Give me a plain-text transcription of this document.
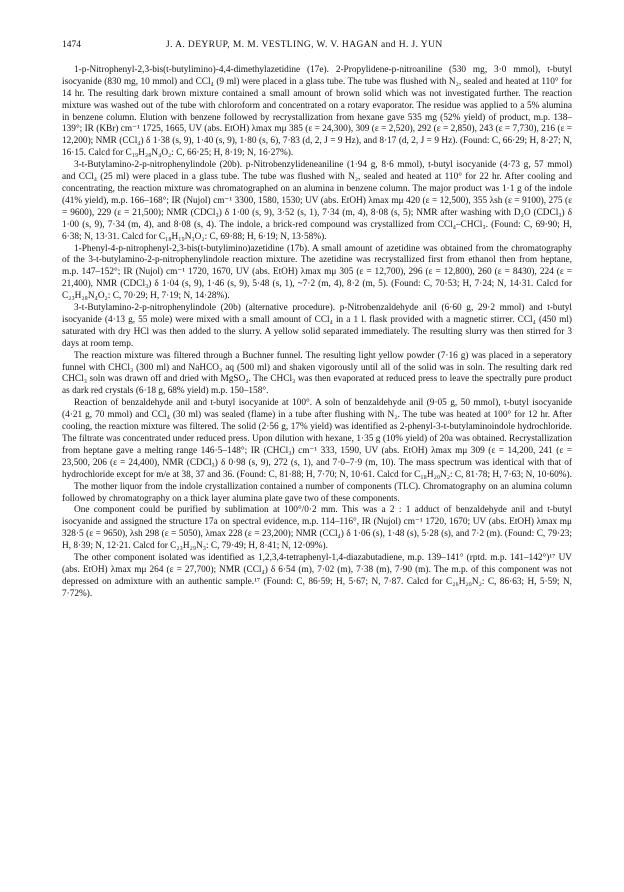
1474	J. A. DEYRUP, M. M. VESTLING, W. V. HAGAN and H. J. YUN

1-p-Nitrophenyl-2,3-bis(t-butylimino)-4,4-dimethylazetidine (17e). 2-Propylidene-p-nitroaniline (530 mg, 3·0 mmol), t-butyl isocyanide (830 mg, 10 mmol) and CCl₄ (9 ml) were placed in a glass tube. The tube was flushed with N₂, sealed and heated at 110° for 14 hr. The resulting dark brown mixture contained a small amount of brown solid which was not investigated further. The reaction mixture was washed out of the tube with chloroform and concentrated on a rotary evaporator. The residue was applied to a 5% alumina in benzene column. Elution with benzene followed by recrystallization from hexane gave 535 mg (52% yield) of product, m.p. 138–139°; IR (KBr) cm⁻¹ 1725, 1665, UV (abs. EtOH) λmax mμ 385 (ε = 24,300), 309 (ε = 2,520), 292 (ε = 2,850), 243 (ε = 7,730), 216 (ε = 12,200); NMR (CCl₄) δ 1·38 (s, 9), 1·40 (s, 9), 1·80 (s, 6), 7·83 (d, 2, J = 9 Hz), and 8·17 (d, 2, J = 9 Hz). (Found: C, 66·29; H, 8·27; N, 16·15. Calcd for C₁₉H₂₈N₄O₂: C, 66·25; H, 8·19; N, 16·27%).

3-t-Butylamino-2-p-nitrophenylindole (20b). p-Nitrobenzylideneaniline (1·94 g, 8·6 mmol), t-butyl isocyanide (4·73 g, 57 mmol) and CCl₄ (25 ml) were placed in a glass tube. The tube was flushed with N₂, sealed and heated at 110° for 22 hr. After cooling and concentrating, the reaction mixture was chromatographed on an alumina in benzene column. The major product was 1·1 g of the indole (41% yield), m.p. 166–168°; IR (Nujol) cm⁻¹ 3300, 1580, 1530; UV (abs. EtOH) λmax mμ 420 (ε = 12,500), 355 λsh (ε = 9100), 275 (ε = 9600), 229 (ε = 21,500); NMR (CDCl₃) δ 1·00 (s, 9), 3·52 (s, 1), 7·34 (m, 4), 8·08 (s, 5); NMR after washing with D₂O (CDCl₃) δ 1·00 (s, 9), 7·34 (m, 4), and 8·08 (s, 4). The indole, a brick-red compound was crystallized from CCl₄–CHCl₃. (Found: C, 69·90; H, 6·38; N, 13·31. Calcd for C₁₈H₁₉N₃O₂: C, 69·88; H, 6·19; N, 13·58%).

1-Phenyl-4-p-nitrophenyl-2,3-bis(t-butylimino)azetidine (17b). A small amount of azetidine was obtained from the chromatography of the 3-t-butylamino-2-p-nitrophenylindole reaction mixture. The azetidine was recrystallized first from ethanol then from heptane, m.p. 147–152°; IR (Nujol) cm⁻¹ 1720, 1670, UV (abs. EtOH) λmax mμ 305 (ε = 12,700), 296 (ε = 12,800), 260 (ε = 8430), 224 (ε = 21,400), NMR (CDCl₃) δ 1·04 (s, 9), 1·46 (s, 9), 5·48 (s, 1), ~7·2 (m, 4), 8·2 (m, 5). (Found: C, 70·53; H, 7·24; N, 14·31. Calcd for C₂₃H₂₈N₄O₂: C, 70·29; H, 7·19; N, 14·28%).

3-t-Butylamino-2-p-nitrophenylindole (20b) (alternative procedure). p-Nitrobenzaldehyde anil (6·60 g, 29·2 mmol) and t-butyl isocyanide (4·13 g, 55 mole) were mixed with a small amount of CCl₄ in a 1 l. flask provided with a magnetic stirrer. CCl₄ (450 ml) saturated with dry HCl was then added to the slurry. A yellow solid separated immediately. The resulting slurry was then stirred for 3 days at room temp.

The reaction mixture was filtered through a Buchner funnel. The resulting light yellow powder (7·16 g) was placed in a seperatory funnel with CHCl₃ (300 ml) and NaHCO₃ aq (500 ml) and shaken vigorously until all of the solid was in soln. The resulting dark red CHCl₃ soln was drawn off and dried with MgSO₄. The CHCl₃ was then evaporated at reduced press to leave the spectrally pure product as dark red crystals (6·18 g, 68% yield) m.p. 150–158°.

Reaction of benzaldehyde anil and t-butyl isocyanide at 100°. A soln of benzaldehyde anil (9·05 g, 50 mmol), t-butyl isocyanide (4·21 g, 70 mmol) and CCl₄ (30 ml) was sealed (flame) in a tube after flushing with N₂. The tube was heated at 100° for 12 hr. After cooling, the reaction mixture was filtered. The solid (2·56 g, 17% yield) was identified as 2-phenyl-3-t-butylaminoindole hydrochloride. The filtrate was concentrated under reduced press. Upon dilution with hexane, 1·35 g (10% yield) of 20a was obtained. Recrystallization from heptane gave a melting range 146·5–148°; IR (CHCl₃) cm⁻¹ 333, 1590, UV (abs. EtOH) λmax mμ 309 (ε = 14,200, 241 (ε = 23,500, 206 (ε = 24,400), NMR (CDCl₃) δ 0·98 (s, 9), 272 (s, 1), and 7·0–7·9 (m, 10). The mass spectrum was identical with that of hydrochloride except for m/e at 38, 37 and 36. (Found: C, 81·88; H, 7·70; N, 10·61. Calcd for C₁₈H₂₀N₂: C, 81·78; H, 7·63; N, 10·60%).

The mother liquor from the indole crystallization contained a number of components (TLC). Chromatography on an alumina column followed by chromatography on a thick layer alumina plate gave two of these components.

One component could be purified by sublimation at 100°/0·2 mm. This was a 2 : 1 adduct of benzaldehyde anil and t-butyl isocyanide and assigned the structure 17a on spectral evidence, m.p. 114–116°, IR (Nujol) cm⁻¹ 1720, 1670; UV (abs. EtOH) λmax mμ 328·5 (ε = 9650), λsh 298 (ε = 5050), λmax 228 (ε = 23,200); NMR (CCl₄) δ 1·06 (s), 1·48 (s), 5·28 (s), and 7·2 (m). (Found: C, 79·23; H, 8·39; N, 12·21. Calcd for C₂₃H₂₉N₃: C, 79·49; H, 8·41; N, 12·09%).

The other component isolated was identified as 1,2,3,4-tetraphenyl-1,4-diazabutadiene, m.p. 139–141° (rptd. m.p. 141–142°)¹⁷ UV (abs. EtOH) λmax mμ 264 (ε = 27,700); NMR (CCl₄) δ 6·54 (m), 7·02 (m), 7·38 (m), 7·90 (m). The m.p. of this component was not depressed on admixture with an authentic sample.¹⁷ (Found: C, 86·59; H, 5·67; N, 7·87. Calcd for C₂₆H₂₀N₂: C, 86·63; H, 5·59; N, 7·72%).
